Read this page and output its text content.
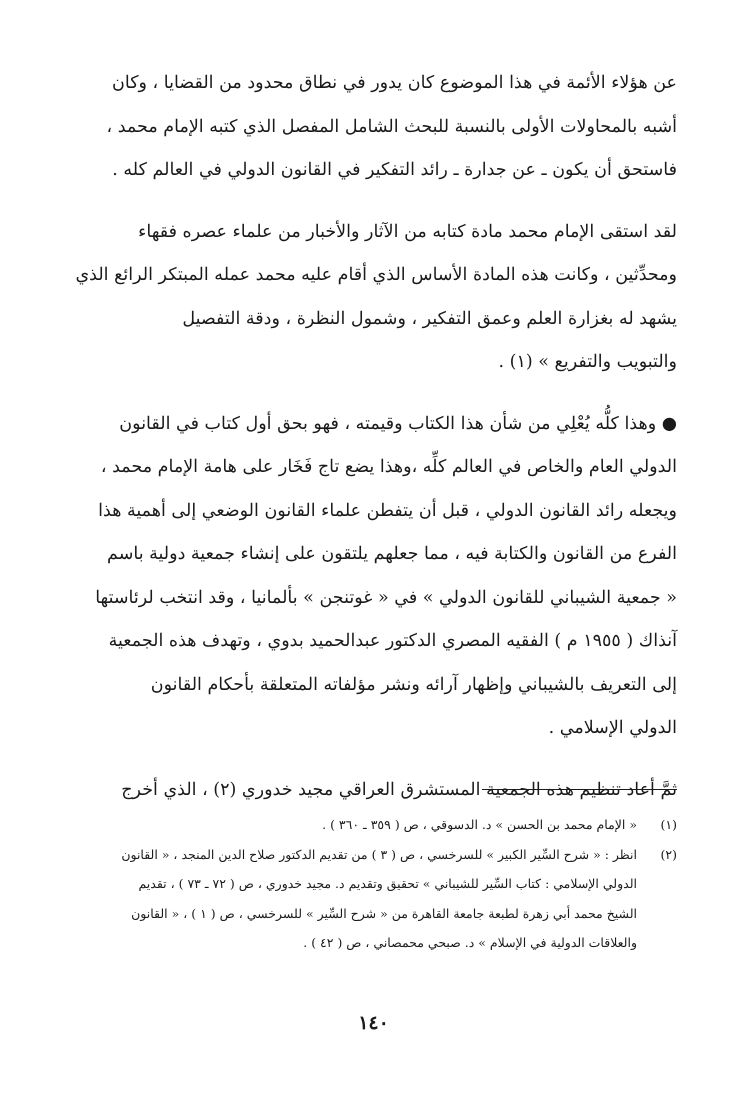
عن هؤلاء الأئمة في هذا الموضوع كان يدور في نطاق محدود من القضايا ، وكان

أشبه بالمحاولات الأولى بالنسبة للبحث الشامل المفصل الذي كتبه الإمام محمد ،

فاستحق أن يكون ـ عن جدارة ـ رائد التفكير في القانون الدولي في العالم كله .

لقد استقى الإمام محمد مادة كتابه من الآثار والأخبار من علماء عصره فقهاء

ومحدِّثين ، وكانت هذه المادة الأساس الذي أقام عليه محمد عمله المبتكر الرائع الذي

يشهد له بغزارة العلم وعمق التفكير ، وشمول النظرة ، ودقة التفصيل

والتبويب والتفريع » (١) .

● وهذا كلُّه يُعْلِي من شأن هذا الكتاب وقيمته ، فهو بحق أول كتاب في القانون

الدولي العام والخاص في العالم كلِّه ،وهذا يضع تاج فَخَار على هامة الإمام محمد ،

ويجعله رائد القانون الدولي ، قبل أن يتفطن علماء القانون الوضعي إلى أهمية هذا

الفرع من القانون والكتابة فيه ، مما جعلهم يلتقون على إنشاء جمعية دولية باسم

« جمعية الشيباني للقانون الدولي » في « غوتنجن » بألمانيا ، وقد انتخب لرئاستها

آنذاك ( ١٩٥٥ م ) الفقيه المصري الدكتور عبدالحميد بدوي ، وتهدف هذه الجمعية

إلى التعريف بالشيباني وإظهار آرائه ونشر مؤلفاته المتعلقة بأحكام القانون

الدولي الإسلامي .

ثمَّ أعاد تنظيم هذه الجمعية المستشرق العراقي مجيد خدوري (٢) ، الذي أخرج

(١)
« الإمام محمد بن الحسن » د. الدسوقي ، ص ( ٣٥٩ ـ ٣٦٠ ) .
(٢)
انظر : « شرح السِّير الكبير » للسرخسي ، ص ( ٣ ) من تقديم الدكتور صلاح الدين المنجد ، « القانون
الدولي الإسلامي : كتاب السِّير للشيباني » تحقيق وتقديم د. مجيد خدوري ، ص ( ٧٢ ـ ٧٣ ) ، تقديم
الشيخ محمد أبي زهرة لطبعة جامعة القاهرة من « شرح السِّير » للسرخسي ، ص ( ١ ) ، « القانون
والعلاقات الدولية في الإسلام » د. صبحي محمصاني ، ص ( ٤٢ ) .
١٤٠
